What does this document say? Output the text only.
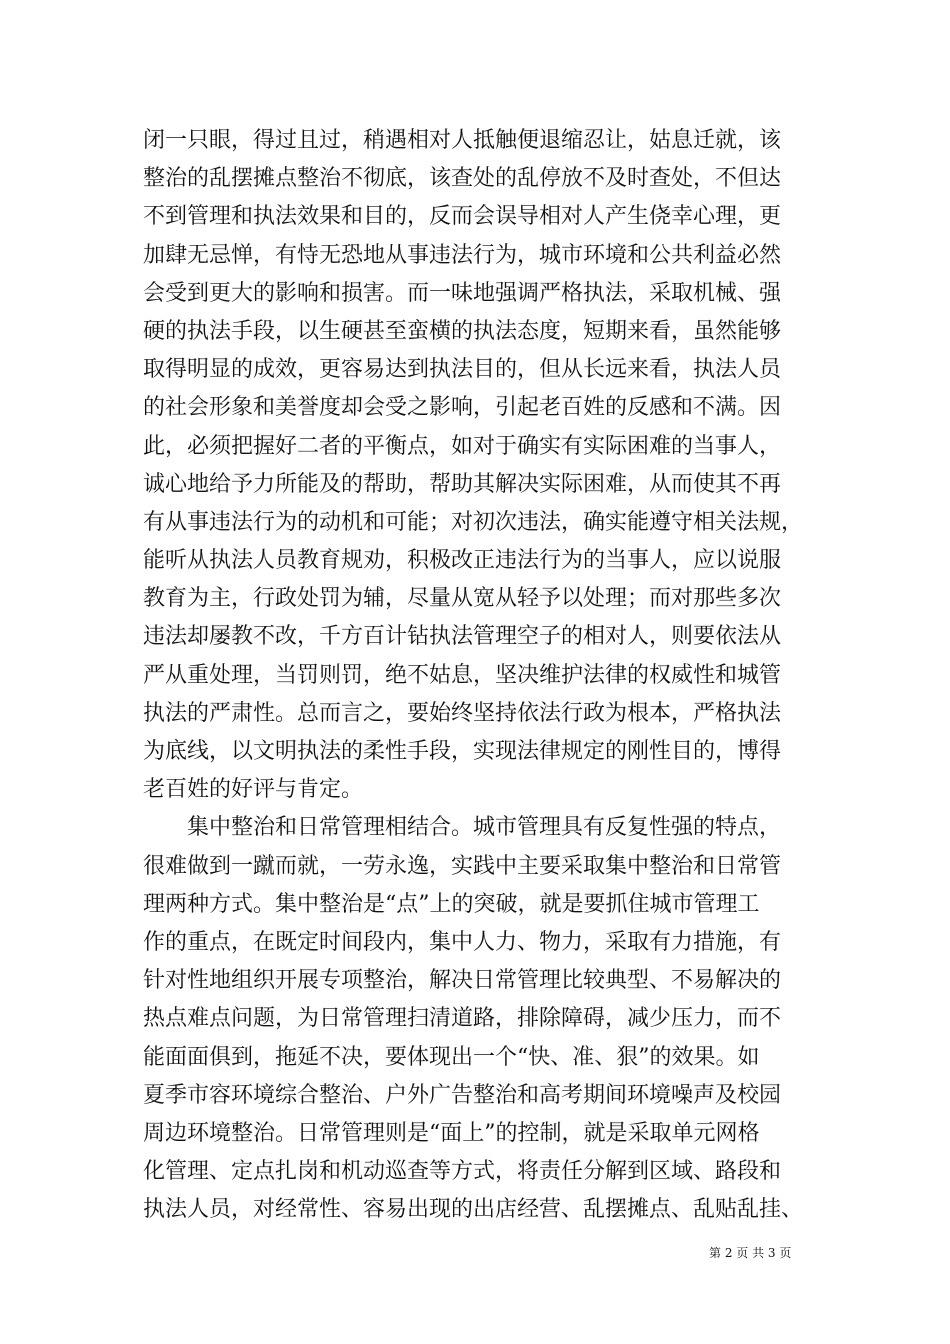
闭一只眼，得过且过，稍遇相对人抵触便退缩忍让，姑息迁就，该
整治的乱摆摊点整治不彻底，该查处的乱停放不及时查处，不但达
不到管理和执法效果和目的，反而会误导相对人产生侥幸心理，更
加肆无忌惮，有恃无恐地从事违法行为，城市环境和公共利益必然
会受到更大的影响和损害。而一味地强调严格执法，采取机械、强
硬的执法手段，以生硬甚至蛮横的执法态度，短期来看，虽然能够
取得明显的成效，更容易达到执法目的，但从长远来看，执法人员
的社会形象和美誉度却会受之影响，引起老百姓的反感和不满。因
此，必须把握好二者的平衡点，如对于确实有实际困难的当事人，
诚心地给予力所能及的帮助，帮助其解决实际困难，从而使其不再
有从事违法行为的动机和可能；对初次违法，确实能遵守相关法规，
能听从执法人员教育规劝，积极改正违法行为的当事人，应以说服
教育为主，行政处罚为辅，尽量从宽从轻予以处理；而对那些多次
违法却屡教不改，千方百计钻执法管理空子的相对人，则要依法从
严从重处理，当罚则罚，绝不姑息，坚决维护法律的权威性和城管
执法的严肃性。总而言之，要始终坚持依法行政为根本，严格执法
为底线，以文明执法的柔性手段，实现法律规定的刚性目的，博得
老百姓的好评与肯定。
集中整治和日常管理相结合。城市管理具有反复性强的特点，
很难做到一蹴而就，一劳永逸，实践中主要采取集中整治和日常管
理两种方式。集中整治是“点”上的突破，就是要抓住城市管理工
作的重点，在既定时间段内，集中人力、物力，采取有力措施，有
针对性地组织开展专项整治，解决日常管理比较典型、不易解决的
热点难点问题，为日常管理扫清道路，排除障碍，减少压力，而不
能面面俱到，拖延不决，要体现出一个“快、准、狠”的效果。如
夏季市容环境综合整治、户外广告整治和高考期间环境噪声及校园
周边环境整治。日常管理则是“面上”的控制，就是采取单元网格
化管理、定点扎岗和机动巡查等方式，将责任分解到区域、路段和
执法人员，对经常性、容易出现的出店经营、乱摆摊点、乱贴乱挂、
第 2 页 共 3 页
